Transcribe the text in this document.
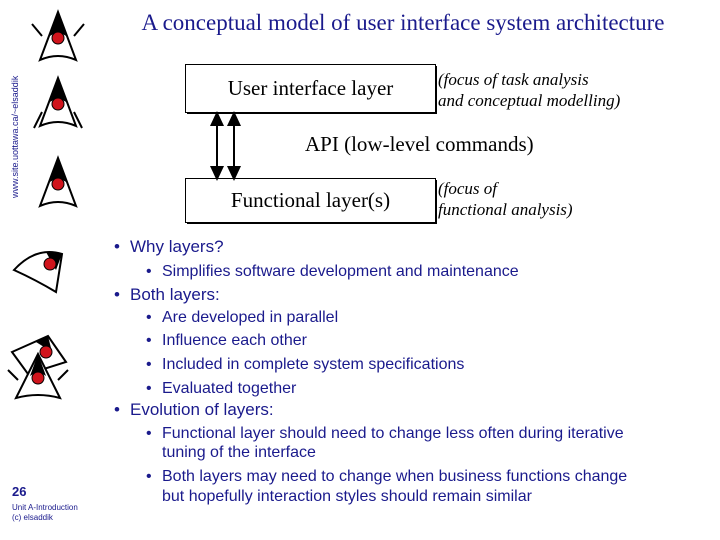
A conceptual model of user interface system architecture
www.site.uottawa.ca/~elsaddik	User interface layer
Functional layer(s)
API (low-level commands)
(focus of task analysis
and conceptual modelling)
(focus of
functional analysis)
• Why layers?
• Simplifies software development and maintenance
• Both layers:
• Are developed in parallel
• Influence each other
• Included in complete system specifications
• Evaluated together
• Evolution of layers:
• Functional layer should need to change less often during iterative
tuning of the interface
• Both layers may need to change when business functions change
but hopefully interaction styles should remain similar
26
Unit A-Introduction
(c) elsaddik
